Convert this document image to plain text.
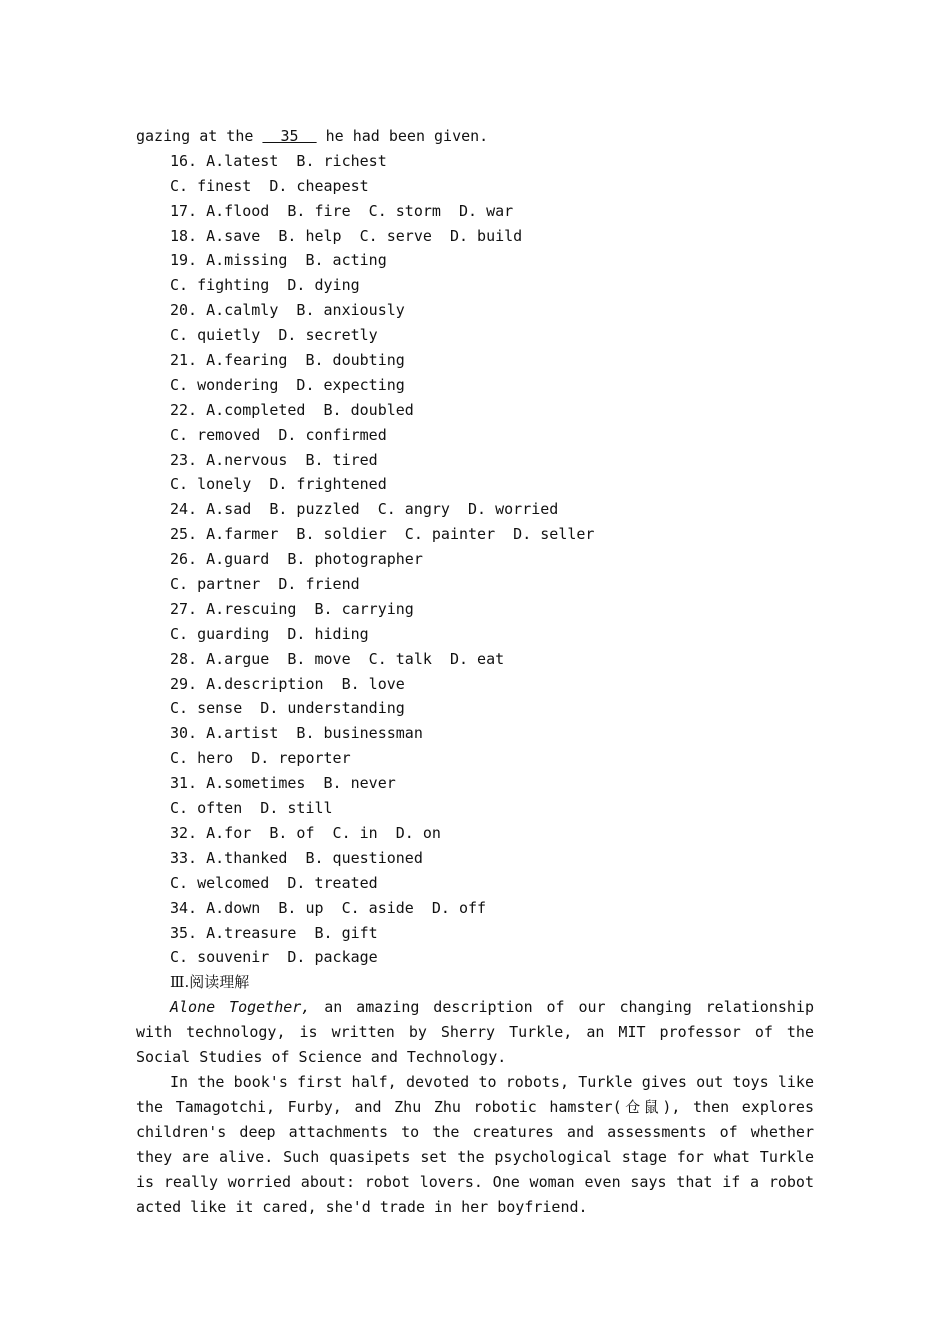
gazing at the   35   he had been given.
16. A.latest  B. richest
C. finest  D. cheapest
17. A.flood  B. fire  C. storm  D. war
18. A.save  B. help  C. serve  D. build
19. A.missing  B. acting
C. fighting  D. dying
20. A.calmly  B. anxiously
C. quietly  D. secretly
21. A.fearing  B. doubting
C. wondering  D. expecting
22. A.completed  B. doubled
C. removed  D. confirmed
23. A.nervous  B. tired
C. lonely  D. frightened
24. A.sad  B. puzzled  C. angry  D. worried
25. A.farmer  B. soldier  C. painter  D. seller
26. A.guard  B. photographer
C. partner  D. friend
27. A.rescuing  B. carrying
C. guarding  D. hiding
28. A.argue  B. move  C. talk  D. eat
29. A.description  B. love
C. sense  D. understanding
30. A.artist  B. businessman
C. hero  D. reporter
31. A.sometimes  B. never
C. often  D. still
32. A.for  B. of  C. in  D. on
33. A.thanked  B. questioned
C. welcomed  D. treated
34. A.down  B. up  C. aside  D. off
35. A.treasure  B. gift
C. souvenir  D. package
Ⅲ.阅读理解
Alone Together, an amazing description of our changing relationship with technology, is written by Sherry Turkle, an MIT professor of the Social Studies of Science and Technology.
In the book's first half, devoted to robots, Turkle gives out toys like the Tamagotchi, Furby, and Zhu Zhu robotic hamster(仓鼠), then explores children's deep attachments to the creatures and assessments of whether they are alive. Such quasipets set the psychological stage for what Turkle is really worried about: robot lovers. One woman even says that if a robot acted like it cared, she'd trade in her boyfriend.
